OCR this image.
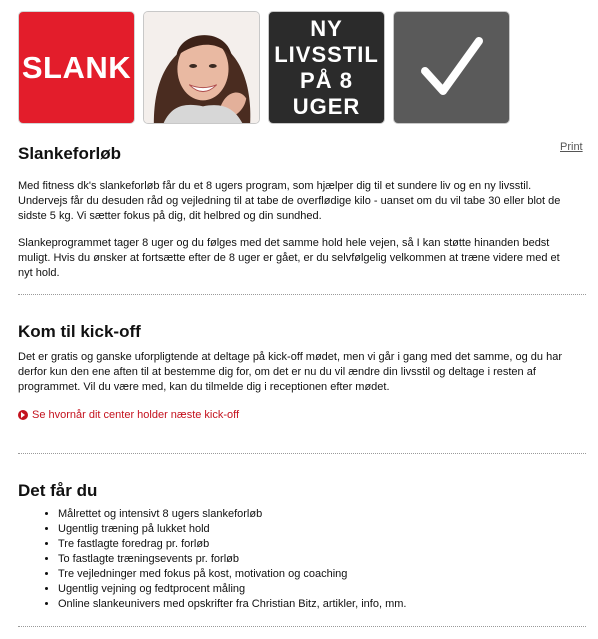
SLANK
NY LIVSSTIL
PÅ 8 UGER
Print
Slankeforløb

Med fitness dk's slankeforløb får du et 8 ugers program, som hjælper dig til et sundere liv og en ny livsstil. Undervejs får du desuden råd og vejledning til at tabe de overflødige kilo - uanset om du vil tabe 30 eller blot de sidste 5 kg. Vi sætter fokus på dig, dit helbred og din sundhed.

Slankeprogrammet tager 8 uger og du følges med det samme hold hele vejen, så I kan støtte hinanden bedst muligt. Hvis du ønsker at fortsætte efter de 8 uger er gået, er du selvfølgelig velkommen at træne videre med et nyt hold.

Kom til kick-off

Det er gratis og ganske uforpligtende at deltage på kick-off mødet, men vi går i gang med det samme, og du har derfor kun den ene aften til at bestemme dig for, om det er nu du vil ændre din livsstil og deltage i resten af programmet. Vil du være med, kan du tilmelde dig i receptionen efter mødet.

Se hvornår dit center holder næste kick-off
Det får du
• Målrettet og intensivt 8 ugers slankeforløb
• Ugentlig træning på lukket hold
• Tre fastlagte foredrag pr. forløb
• To fastlagte træningsevents pr. forløb
• Tre vejledninger med fokus på kost, motivation og coaching
• Ugentlig vejning og fedtprocent måling
• Online slankeunivers med opskrifter fra Christian Bitz, artikler, info, mm.
